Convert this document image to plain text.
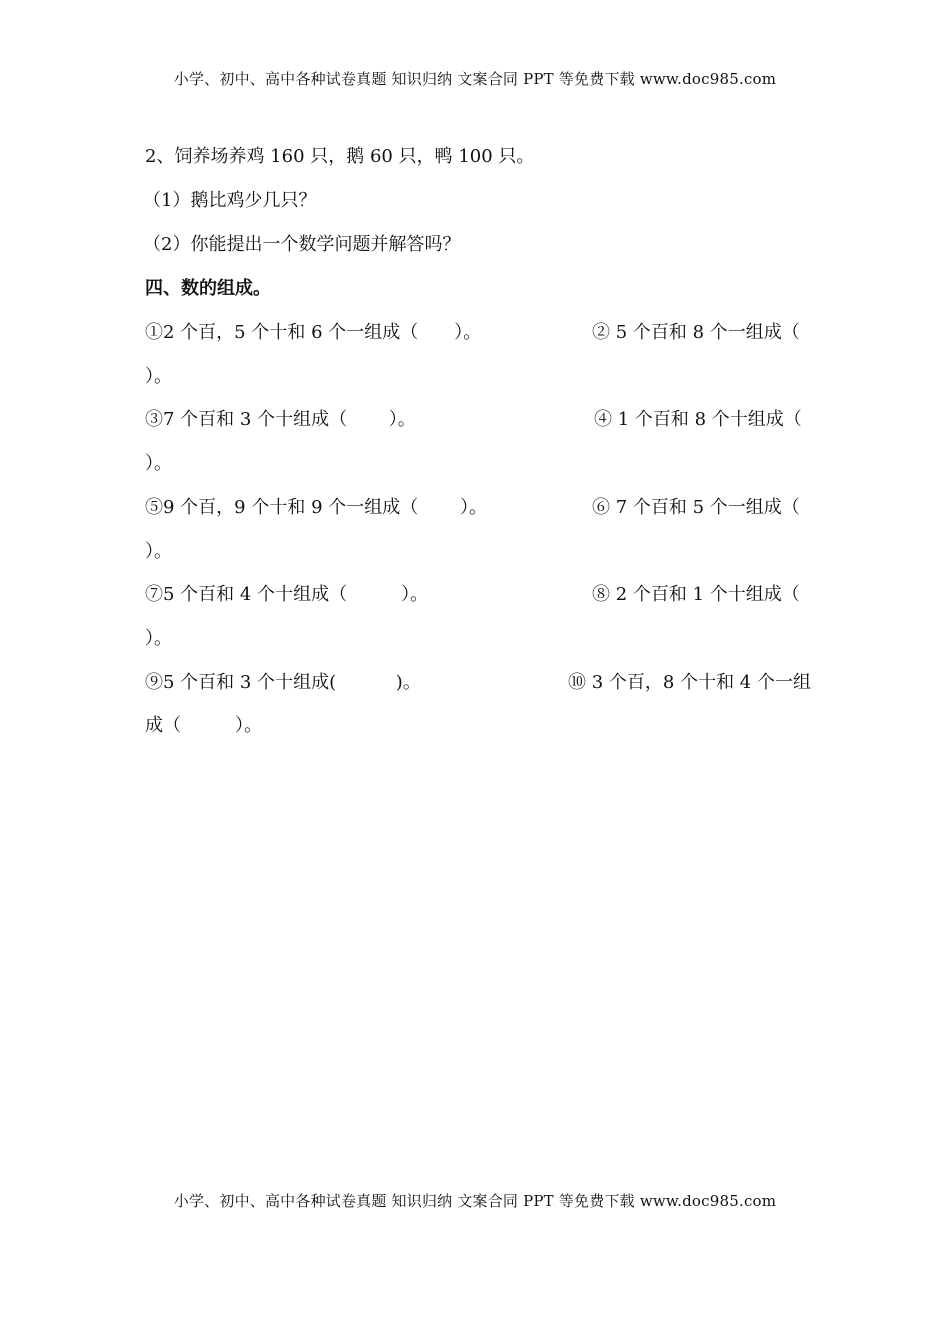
小学、初中、高中各种试卷真题 知识归纳 文案合同 PPT 等免费下载 www.doc985.com
2、饲养场养鸡 160 只，鹅 60 只，鸭 100 只。
（1）鹅比鸡少几只？
（2）你能提出一个数学问题并解答吗？
四、数的组成。
①2 个百，5 个十和 6 个一组成（　　）。	② 5 个百和 8 个一组成（
）。
③7 个百和 3 个十组成（　　 ）。	④ 1 个百和 8 个十组成（
）。
⑤9 个百，9 个十和 9 个一组成（　　 ）。	⑥ 7 个百和 5 个一组成（
）。
⑦5 个百和 4 个十组成（　　　）。	⑧ 2 个百和 1 个十组成（
）。
⑨5 个百和 3 个十组成(　　　 )。	⑩ 3 个百，8 个十和 4 个一组
成（　　　）。
小学、初中、高中各种试卷真题 知识归纳 文案合同 PPT 等免费下载 www.doc985.com
